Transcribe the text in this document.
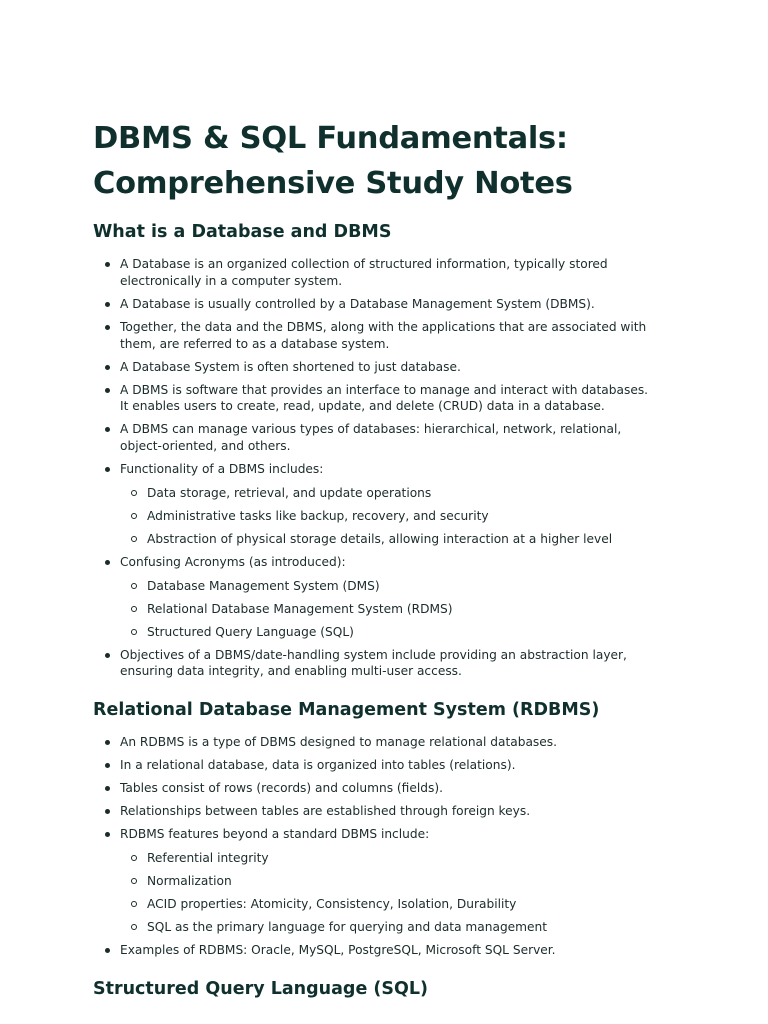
DBMS & SQL Fundamentals: Comprehensive Study Notes
What is a Database and DBMS
A Database is an organized collection of structured information, typically stored electronically in a computer system.
A Database is usually controlled by a Database Management System (DBMS).
Together, the data and the DBMS, along with the applications that are associated with them, are referred to as a database system.
A Database System is often shortened to just database.
A DBMS is software that provides an interface to manage and interact with databases. It enables users to create, read, update, and delete (CRUD) data in a database.
A DBMS can manage various types of databases: hierarchical, network, relational, object-oriented, and others.
Functionality of a DBMS includes:
Data storage, retrieval, and update operations
Administrative tasks like backup, recovery, and security
Abstraction of physical storage details, allowing interaction at a higher level
Confusing Acronyms (as introduced):
Database Management System (DMS)
Relational Database Management System (RDMS)
Structured Query Language (SQL)
Objectives of a DBMS/date-handling system include providing an abstraction layer, ensuring data integrity, and enabling multi-user access.
Relational Database Management System (RDBMS)
An RDBMS is a type of DBMS designed to manage relational databases.
In a relational database, data is organized into tables (relations).
Tables consist of rows (records) and columns (fields).
Relationships between tables are established through foreign keys.
RDBMS features beyond a standard DBMS include:
Referential integrity
Normalization
ACID properties: Atomicity, Consistency, Isolation, Durability
SQL as the primary language for querying and data management
Examples of RDBMS: Oracle, MySQL, PostgreSQL, Microsoft SQL Server.
Structured Query Language (SQL)
